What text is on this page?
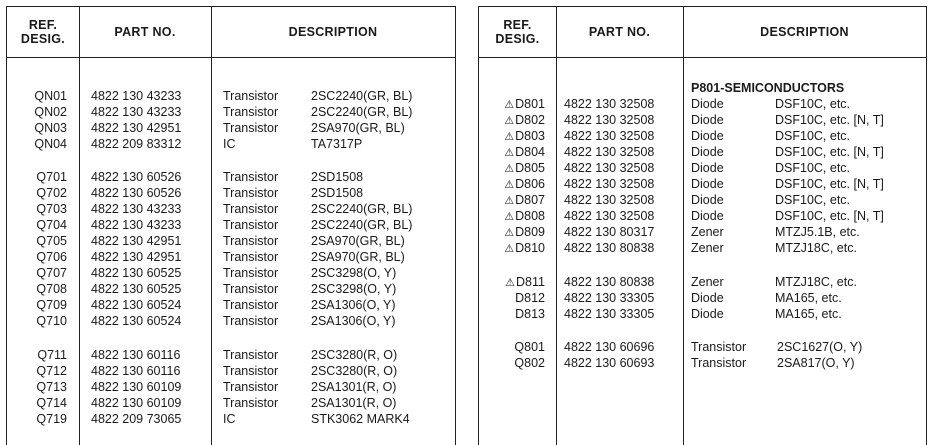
REF.
DESIG.	PART NO.	DESCRIPTION
QN01 4822 130 43233	Transistor	2SC2240(GR, BL)
QN02 4822 130 43233	Transistor	2SC2240(GR, BL)
QN03 4822 130 42951	Transistor	2SA970(GR, BL)
QN04 4822 209 83312	IC	TA7317P
Q701 4822 130 60526	Transistor	2SD1508
Q702 4822 130 60526	Transistor	2SD1508
Q703 4822 130 43233	Transistor	2SC2240(GR, BL)
Q704 4822 130 43233	Transistor	2SC2240(GR, BL)
Q705 4822 130 42951	Transistor	2SA970(GR, BL)
Q706 4822 130 42951	Transistor	2SA970(GR, BL)
Q707 4822 130 60525	Transistor	2SC3298(O, Y)
Q708 4822 130 60525	Transistor	2SC3298(O, Y)
Q709 4822 130 60524	Transistor	2SA1306(O, Y)
Q710 4822 130 60524	Transistor	2SA1306(O, Y)
Q711 4822 130 60116	Transistor	2SC3280(R, O)
Q712 4822 130 60116	Transistor	2SC3280(R, O)
Q713 4822 130 60109	Transistor	2SA1301(R, O)
Q714 4822 130 60109	Transistor	2SA1301(R, O)
Q719 4822 209 73065	IC	STK3062 MARK4
REF.
DESIG.	PART NO.	DESCRIPTION
P801-SEMICONDUCTORS
⚠D801 4822 130 32508	Diode	DSF10C, etc.
⚠D802 4822 130 32508	Diode	DSF10C, etc. [N, T]
⚠D803 4822 130 32508	Diode	DSF10C, etc.
⚠D804 4822 130 32508	Diode	DSF10C, etc. [N, T]
⚠D805 4822 130 32508	Diode	DSF10C, etc.
⚠D806 4822 130 32508	Diode	DSF10C, etc. [N, T]
⚠D807 4822 130 32508	Diode	DSF10C, etc.
⚠D808 4822 130 32508	Diode	DSF10C, etc. [N, T]
⚠D809 4822 130 80317	Zener	MTZJ5.1B, etc.
⚠D810 4822 130 80838	Zener	MTZJ18C, etc.
⚠D811 4822 130 80838	Zener	MTZJ18C, etc.
D812 4822 130 33305	Diode	MA165, etc.
D813 4822 130 33305	Diode	MA165, etc.
Q801 4822 130 60696	Transistor 2SC1627(O, Y)
Q802 4822 130 60693	Transistor 2SA817(O, Y)
